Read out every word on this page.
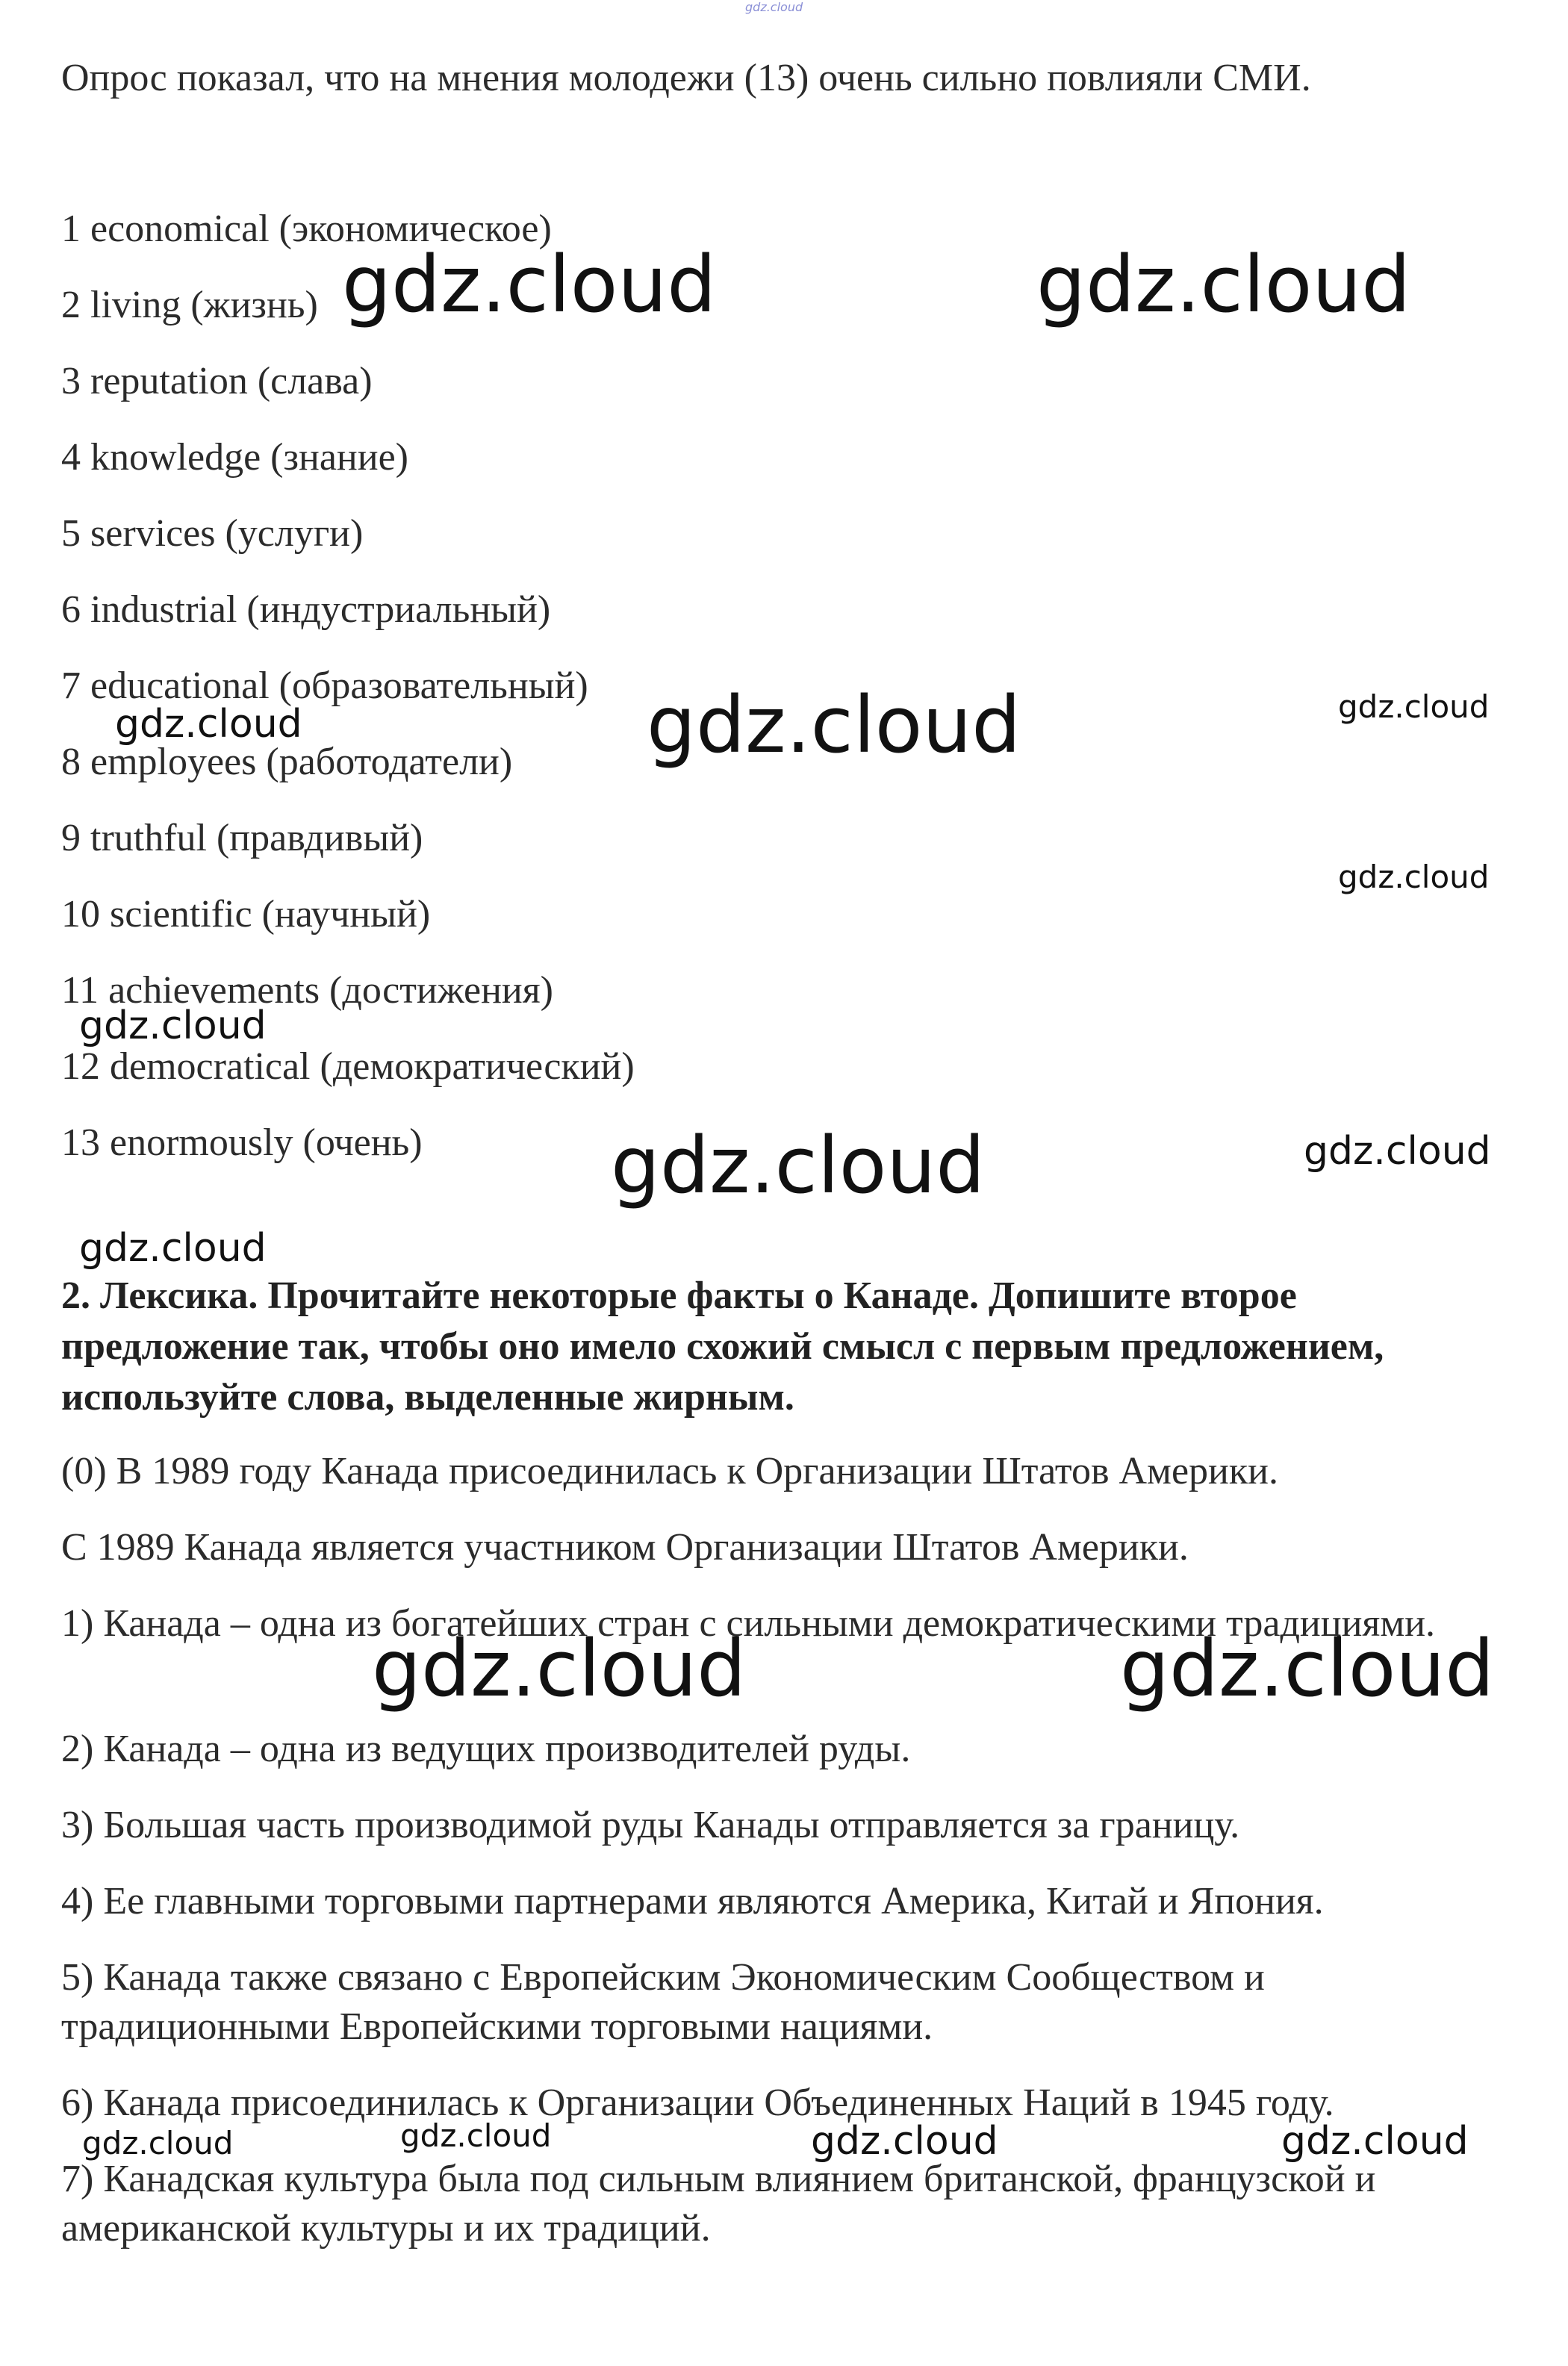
gdz.cloud
Опрос показал, что на мнения молодежи (13) очень сильно повлияли СМИ.
1 economical (экономическое)
2 living (жизнь)
3 reputation (слава)
4 knowledge (знание)
5 services (услуги)
6 industrial (индустриальный)
7 educational (образовательный)
8 employees (работодатели)
9 truthful (правдивый)
10 scientific (научный)
11 achievements (достижения)
12 democratical (демократический)
13 enormously (очень)
2. Лексика. Прочитайте некоторые факты о Канаде. Допишите второе предложение так, чтобы оно имело схожий смысл с первым предложением, используйте слова, выделенные жирным.
(0) В 1989 году Канада присоединилась к Организации Штатов Америки.
С 1989 Канада является участником Организации Штатов Америки.
1) Канада – одна из богатейших стран с сильными демократическими традициями.
2) Канада – одна из ведущих производителей руды.
3) Большая часть производимой руды Канады отправляется за границу.
4) Ее главными торговыми партнерами являются Америка, Китай и Япония.
5) Канада также связано с Европейским Экономическим Сообществом и традиционными Европейскими торговыми нациями.
6) Канада присоединилась к Организации Объединенных Наций в 1945 году.
7) Канадская культура была под сильным влиянием британской, французской и американской культуры и их традиций.
gdz.cloud	gdz.cloud
gdz.cloud
gdz.cloud
gdz.cloud	gdz.cloud
gdz.cloud
gdz.cloud
gdz.cloud
gdz.cloud
gdz.cloud
gdz.cloud
gdz.cloud
gdz.cloud	gdz.cloud	gdz.cloud
